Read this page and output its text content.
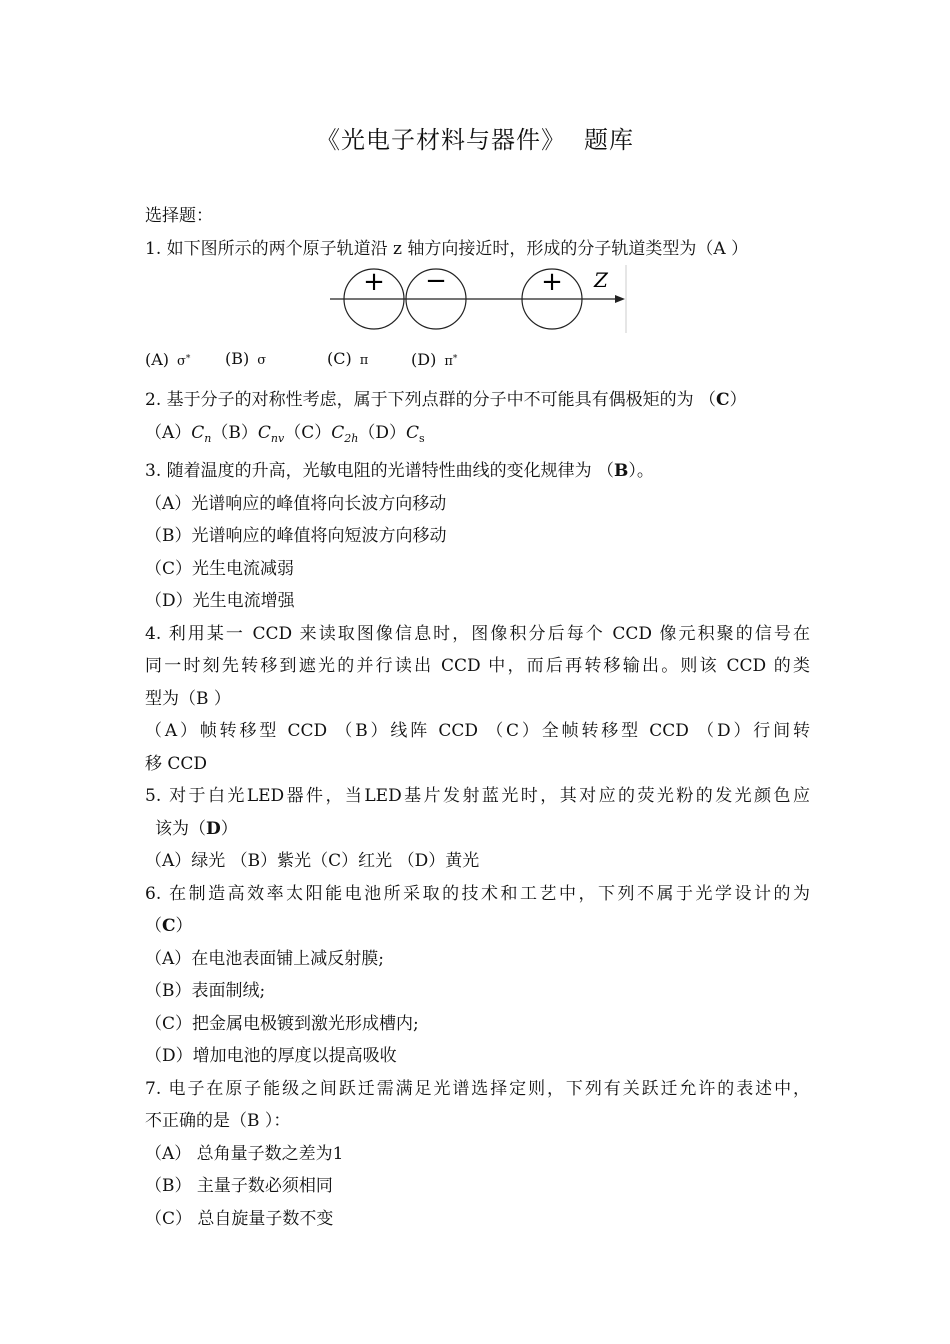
《光电子材料与器件》 题库
选择题：
1. 如下图所示的两个原子轨道沿 z 轴方向接近时，形成的分子轨道类型为（A ）
+ −	+ Z
(A) σ*	(B) σ	(C) π	(D) π*
2. 基于分子的对称性考虑，属于下列点群的分子中不可能具有偶极矩的为 （C）
$(A)C_n(B)C_{nv}(C)C_{2h}(D)C_s$
3. 随着温度的升高，光敏电阻的光谱特性曲线的变化规律为 （B）。
（A）光谱响应的峰值将向长波方向移动
（B）光谱响应的峰值将向短波方向移动
（C）光生电流减弱
（D）光生电流增强
4. 利用某一 CCD 来读取图像信息时，图像积分后每个 CCD 像元积聚的信号在
同一时刻先转移到遮光的并行读出 CCD 中，而后再转移输出。则该 CCD 的类
型为（B ）
（A）帧转移型 CCD （B）线阵 CCD （C）全帧转移型 CCD （D）行间转
移 CCD
5. 对于白光LED器件，当LED基片发射蓝光时，其对应的荧光粉的发光颜色应
该为（D）
（A）绿光 （B）紫光（C）红光 （D）黄光
6. 在制造高效率太阳能电池所采取的技术和工艺中，下列不属于光学设计的为
（C）
（A）在电池表面铺上减反射膜;
（B）表面制绒;
（C）把金属电极镀到激光形成槽内;
（D）增加电池的厚度以提高吸收
7. 电子在原子能级之间跃迁需满足光谱选择定则，下列有关跃迁允许的表述中，
不正确的是（B ）：
（A） 总角量子数之差为1
（B） 主量子数必须相同
（C） 总自旋量子数不变
